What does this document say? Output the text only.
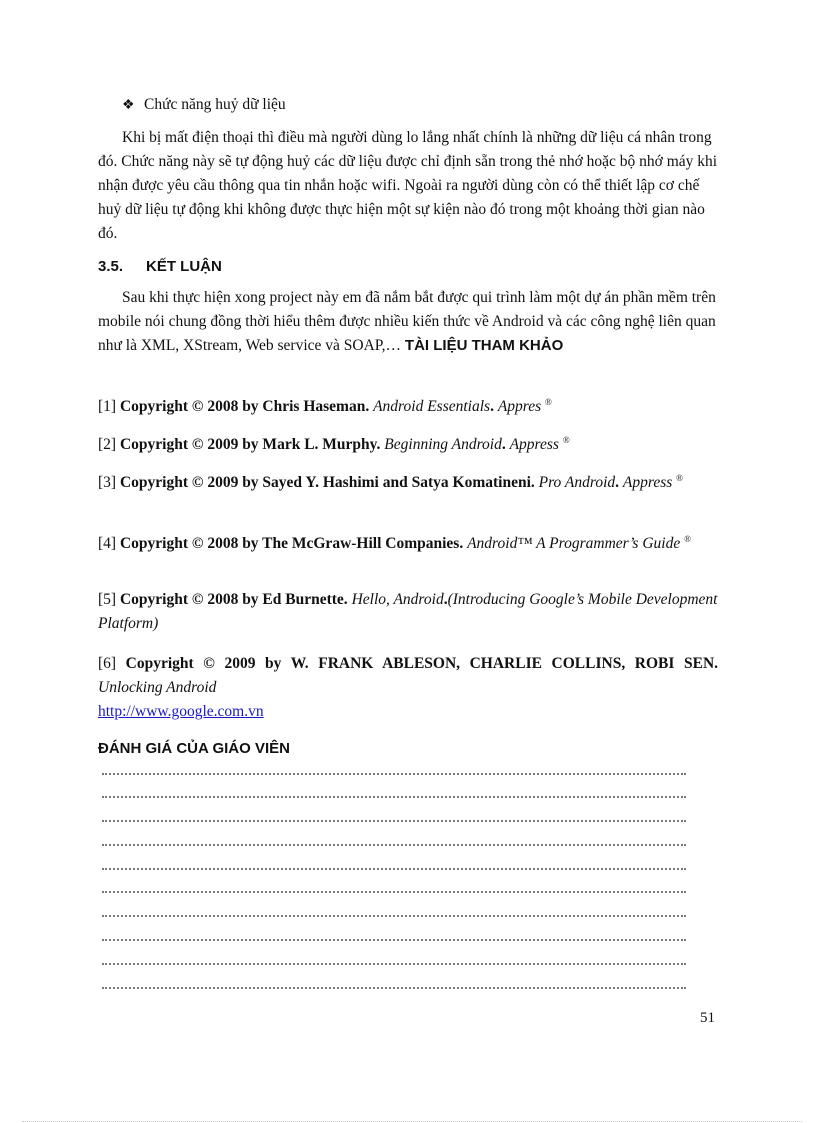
❖ Chức năng huỷ dữ liệu

Khi bị mất điện thoại thì điều mà người dùng lo lắng nhất chính là những dữ liệu cá nhân trong đó. Chức năng này sẽ tự động huỷ các dữ liệu được chỉ định sẵn trong thẻ nhớ hoặc bộ nhớ máy khi nhận được yêu cầu thông qua tin nhắn hoặc wifi. Ngoài ra người dùng còn có thể thiết lập cơ chế huỷ dữ liệu tự động khi không được thực hiện một sự kiện nào đó trong một khoảng thời gian nào đó.

3.5. KẾT LUẬN

Sau khi thực hiện xong project này em đã nắm bắt được qui trình làm một dự án phần mềm trên mobile nói chung đồng thời hiểu thêm được nhiều kiến thức về Android và các công nghệ liên quan như là XML, XStream, Web service và SOAP,… TÀI LIỆU THAM KHẢO

[1] Copyright © 2008 by Chris Haseman. Android Essentials. Appres ®

[2] Copyright © 2009 by Mark L. Murphy. Beginning Android. Appress ®

[3] Copyright © 2009 by Sayed Y. Hashimi and Satya Komatineni. Pro Android. Appress ®

[4] Copyright © 2008 by The McGraw-Hill Companies. Android™ A Programmer’s Guide ®

[5] Copyright © 2008 by Ed Burnette. Hello, Android.(Introducing Google’s Mobile Development Platform)

[6] Copyright © 2009 by W. FRANK ABLESON, CHARLIE COLLINS, ROBI SEN. Unlocking Android

http://www.google.com.vn
ĐÁNH GIÁ CỦA GIÁO VIÊN
51
